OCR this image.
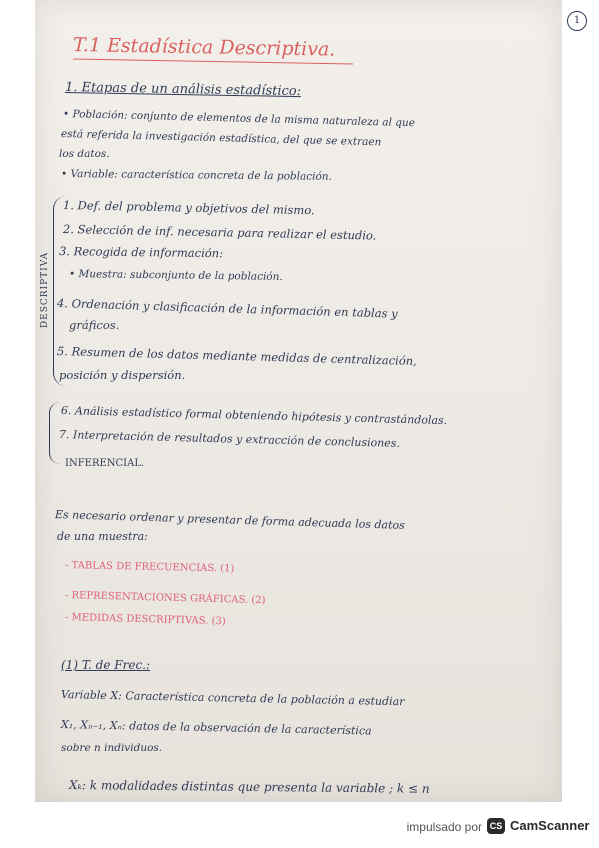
1
T.1 Estadística Descriptiva.
1. Etapas de un análisis estadístico:
• Población: conjunto de elementos de la misma naturaleza al que
está referida la investigación estadística, del que se extraen
los datos.
• Variable: característica concreta de la población.
DESCRIPTIVA
1. Def. del problema y objetivos del mismo.
2. Selección de inf. necesaria para realizar el estudio.
3. Recogida de información:
• Muestra: subconjunto de la población.
4. Ordenación y clasificación de la información en tablas y
gráficos.
5. Resumen de los datos mediante medidas de centralización,
posición y dispersión.
6. Análisis estadístico formal obteniendo hipótesis y contrastándolas.
7. Interpretación de resultados y extracción de conclusiones.
INFERENCIAL.
Es necesario ordenar y presentar de forma adecuada los datos
de una muestra:
- TABLAS DE FRECUENCIAS. (1)
- REPRESENTACIONES GRÁFICAS. (2)
- MEDIDAS DESCRIPTIVAS. (3)
(1) T. de Frec.:
Variable X: Característica concreta de la población a estudiar
X₁, Xₙ₋₁, Xₙ: datos de la observación de la característica
sobre n individuos.
Xₖ: k modalidades distintas que presenta la variable ; k ≤ n
impulsado por CS CamScanner
